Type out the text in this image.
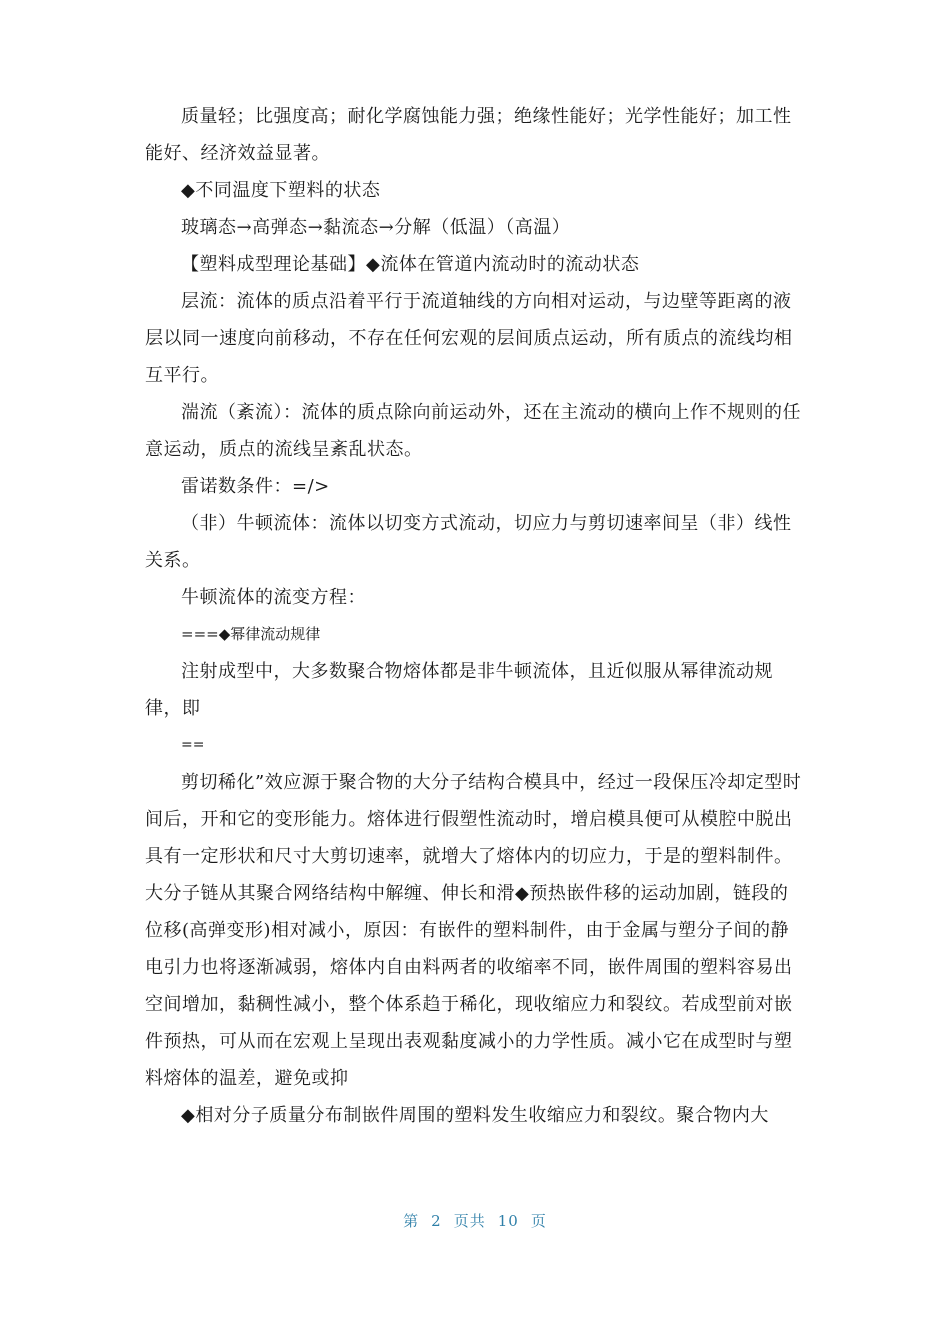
质量轻；比强度高；耐化学腐蚀能力强；绝缘性能好；光学性能好；加工性能好、经济效益显著。

◆不同温度下塑料的状态

玻璃态→高弹态→黏流态→分解（低温）（高温）

【塑料成型理论基础】◆流体在管道内流动时的流动状态

层流：流体的质点沿着平行于流道轴线的方向相对运动，与边壁等距离的液层以同一速度向前移动，不存在任何宏观的层间质点运动，所有质点的流线均相互平行。

湍流（紊流）：流体的质点除向前运动外，还在主流动的横向上作不规则的任意运动，质点的流线呈紊乱状态。

雷诺数条件：=/>

（非）牛顿流体：流体以切变方式流动，切应力与剪切速率间呈（非）线性关系。

牛顿流体的流变方程：

===◆幂律流动规律

注射成型中，大多数聚合物熔体都是非牛顿流体，且近似服从幂律流动规律，即

==

剪切稀化”效应源于聚合物的大分子结构合模具中，经过一段保压冷却定型时间后，开和它的变形能力。熔体进行假塑性流动时，增启模具便可从模腔中脱出具有一定形状和尺寸大剪切速率，就增大了熔体内的切应力，于是的塑料制件。大分子链从其聚合网络结构中解缠、伸长和滑◆预热嵌件移的运动加剧，链段的位移(高弹变形)相对减小，原因：有嵌件的塑料制件，由于金属与塑分子间的静电引力也将逐渐减弱，熔体内自由料两者的收缩率不同，嵌件周围的塑料容易出空间增加，黏稠性减小，整个体系趋于稀化，现收缩应力和裂纹。若成型前对嵌件预热，可从而在宏观上呈现出表观黏度减小的力学性质。减小它在成型时与塑料熔体的温差，避免或抑

◆相对分子质量分布制嵌件周围的塑料发生收缩应力和裂纹。聚合物内大

第 2 页共 10 页
